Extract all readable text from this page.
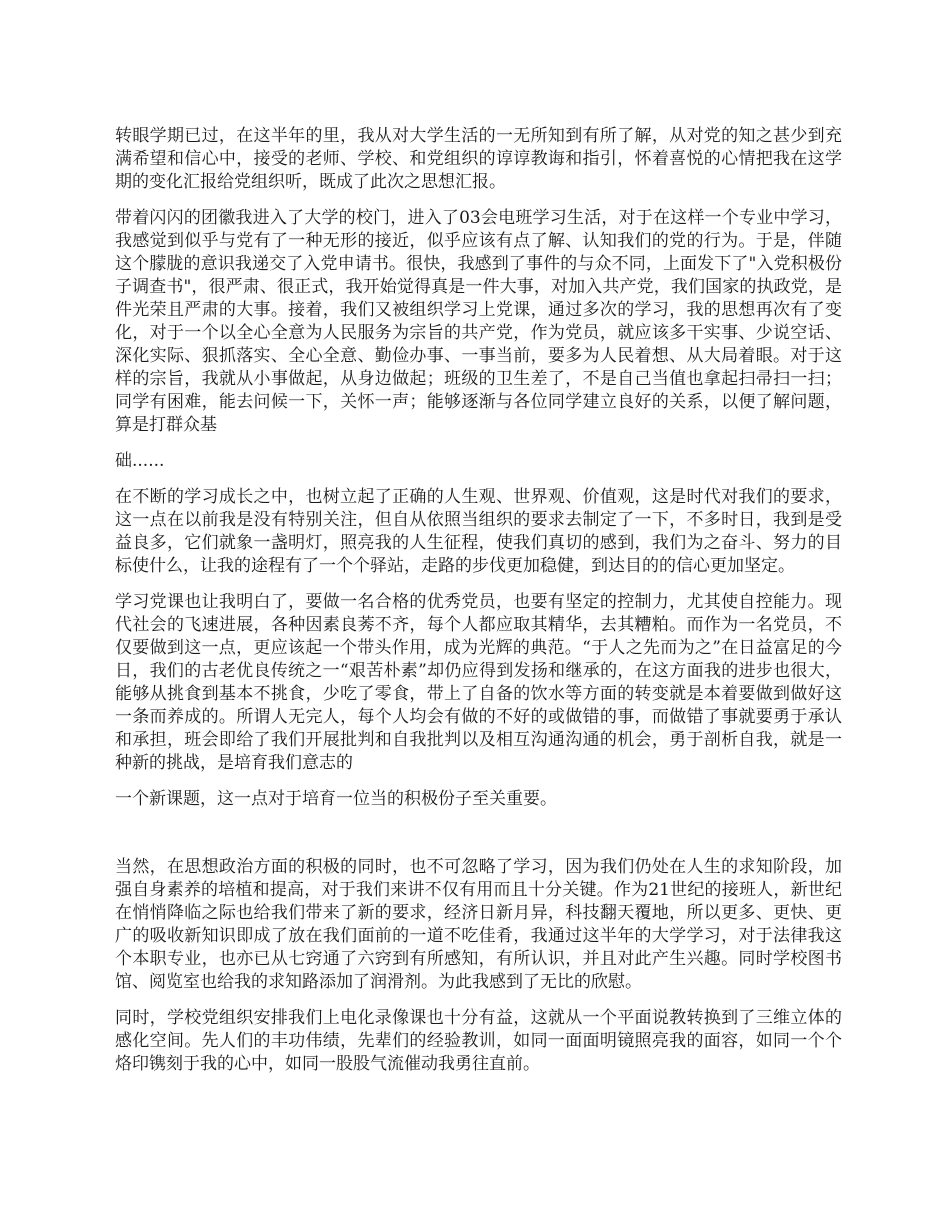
转眼学期已过，在这半年的里，我从对大学生活的一无所知到有所了解，从对党的知之甚少到充满希望和信心中，接受的老师、学校、和党组织的谆谆教诲和指引，怀着喜悦的心情把我在这学期的变化汇报给党组织听，既成了此次之思想汇报。

带着闪闪的团徽我进入了大学的校门，进入了03会电班学习生活，对于在这样一个专业中学习，我感觉到似乎与党有了一种无形的接近，似乎应该有点了解、认知我们的党的行为。于是，伴随这个朦胧的意识我递交了入党申请书。很快，我感到了事件的与众不同，上面发下了"入党积极份子调查书"，很严肃、很正式，我开始觉得真是一件大事，对加入共产党，我们国家的执政党，是件光荣且严肃的大事。接着，我们又被组织学习上党课，通过多次的学习，我的思想再次有了变化，对于一个以全心全意为人民服务为宗旨的共产党，作为党员，就应该多干实事、少说空话、深化实际、狠抓落实、全心全意、勤俭办事、一事当前，要多为人民着想、从大局着眼。对于这样的宗旨，我就从小事做起，从身边做起；班级的卫生差了，不是自己当值也拿起扫帚扫一扫；同学有困难，能去问候一下，关怀一声；能够逐渐与各位同学建立良好的关系，以便了解问题，算是打群众基

础......

在不断的学习成长之中，也树立起了正确的人生观、世界观、价值观，这是时代对我们的要求，这一点在以前我是没有特别关注，但自从依照当组织的要求去制定了一下，不多时日，我到是受益良多，它们就象一盏明灯，照亮我的人生征程，使我们真切的感到，我们为之奋斗、努力的目标使什么，让我的途程有了一个个驿站，走路的步伐更加稳健，到达目的的信心更加坚定。

学习党课也让我明白了，要做一名合格的优秀党员，也要有坚定的控制力，尤其使自控能力。现代社会的飞速进展，各种因素良莠不齐，每个人都应取其精华，去其糟粕。而作为一名党员，不仅要做到这一点，更应该起一个带头作用，成为光辉的典范。“于人之先而为之”在日益富足的今日，我们的古老优良传统之一“艰苦朴素”却仍应得到发扬和继承的，在这方面我的进步也很大，能够从挑食到基本不挑食，少吃了零食，带上了自备的饮水等方面的转变就是本着要做到做好这一条而养成的。所谓人无完人，每个人均会有做的不好的或做错的事，而做错了事就要勇于承认和承担，班会即给了我们开展批判和自我批判以及相互沟通沟通的机会，勇于剖析自我，就是一种新的挑战，是培育我们意志的

一个新课题，这一点对于培育一位当的积极份子至关重要。

当然，在思想政治方面的积极的同时，也不可忽略了学习，因为我们仍处在人生的求知阶段，加强自身素养的培植和提高，对于我们来讲不仅有用而且十分关键。作为21世纪的接班人，新世纪在悄悄降临之际也给我们带来了新的要求，经济日新月异，科技翻天覆地，所以更多、更快、更广的吸收新知识即成了放在我们面前的一道不吃佳肴，我通过这半年的大学学习，对于法律我这个本职专业，也亦已从七窍通了六窍到有所感知，有所认识，并且对此产生兴趣。同时学校图书馆、阅览室也给我的求知路添加了润滑剂。为此我感到了无比的欣慰。

同时，学校党组织安排我们上电化录像课也十分有益，这就从一个平面说教转换到了三维立体的感化空间。先人们的丰功伟绩，先辈们的经验教训，如同一面面明镜照亮我的面容，如同一个个烙印镌刻于我的心中，如同一股股气流催动我勇往直前。
